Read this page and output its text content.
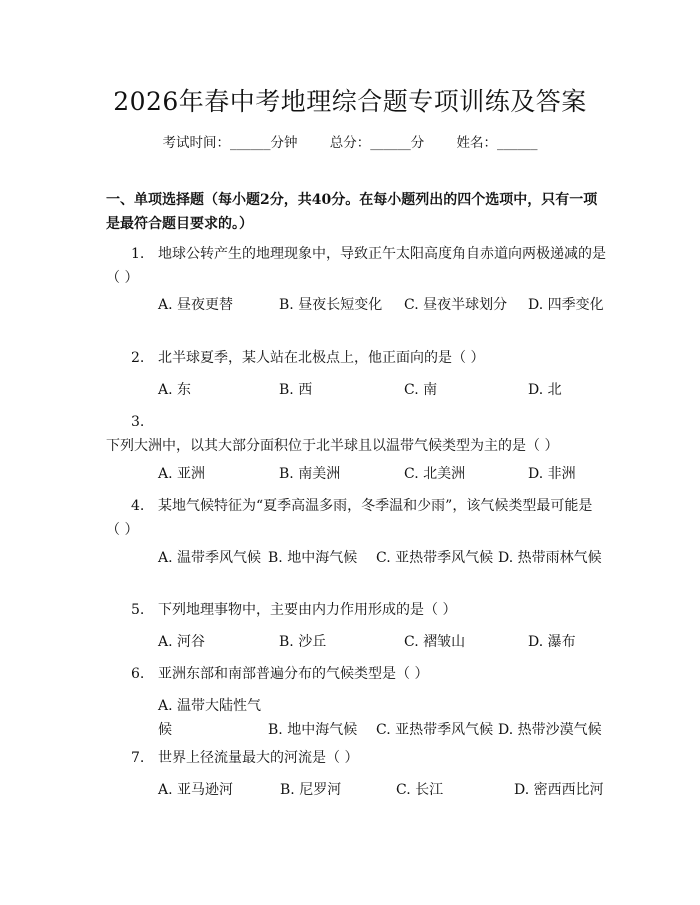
2026年春中考地理综合题专项训练及答案
考试时间：______分钟 总分：______分 姓名：______
一、单项选择题（每小题2分，共40分。在每小题列出的四个选项中，只有一项是最符合题目要求的。）
1. 地球公转产生的地理现象中，导致正午太阳高度角自赤道向两极递减的是（ ）
A. 昼夜更替	B. 昼夜长短变化 C. 昼夜半球划分 D. 四季变化
2. 北半球夏季，某人站在北极点上，他正面向的是（ ）
A. 东	B. 西	C. 南	D. 北
3.下列大洲中，以其大部分面积位于北半球且以温带气候类型为主的是（ ）
A. 亚洲	B. 南美洲	C. 北美洲	D. 非洲
4. 某地气候特征为“夏季高温多雨，冬季温和少雨”，该气候类型最可能是（ ）
A. 温带季风气候 B. 地中海气候 C. 亚热带季风气候 D. 热带雨林气候
5. 下列地理事物中，主要由内力作用形成的是（ ）
A. 河谷	B. 沙丘	C. 褶皱山	D. 瀑布
6. 亚洲东部和南部普遍分布的气候类型是（ ）
A. 温带大陆性气候	B. 地中海气候 C. 亚热带季风气候 D. 热带沙漠气候
7. 世界上径流量最大的河流是（ ）
A. 亚马逊河	B. 尼罗河	C. 长江	D. 密西西比河
